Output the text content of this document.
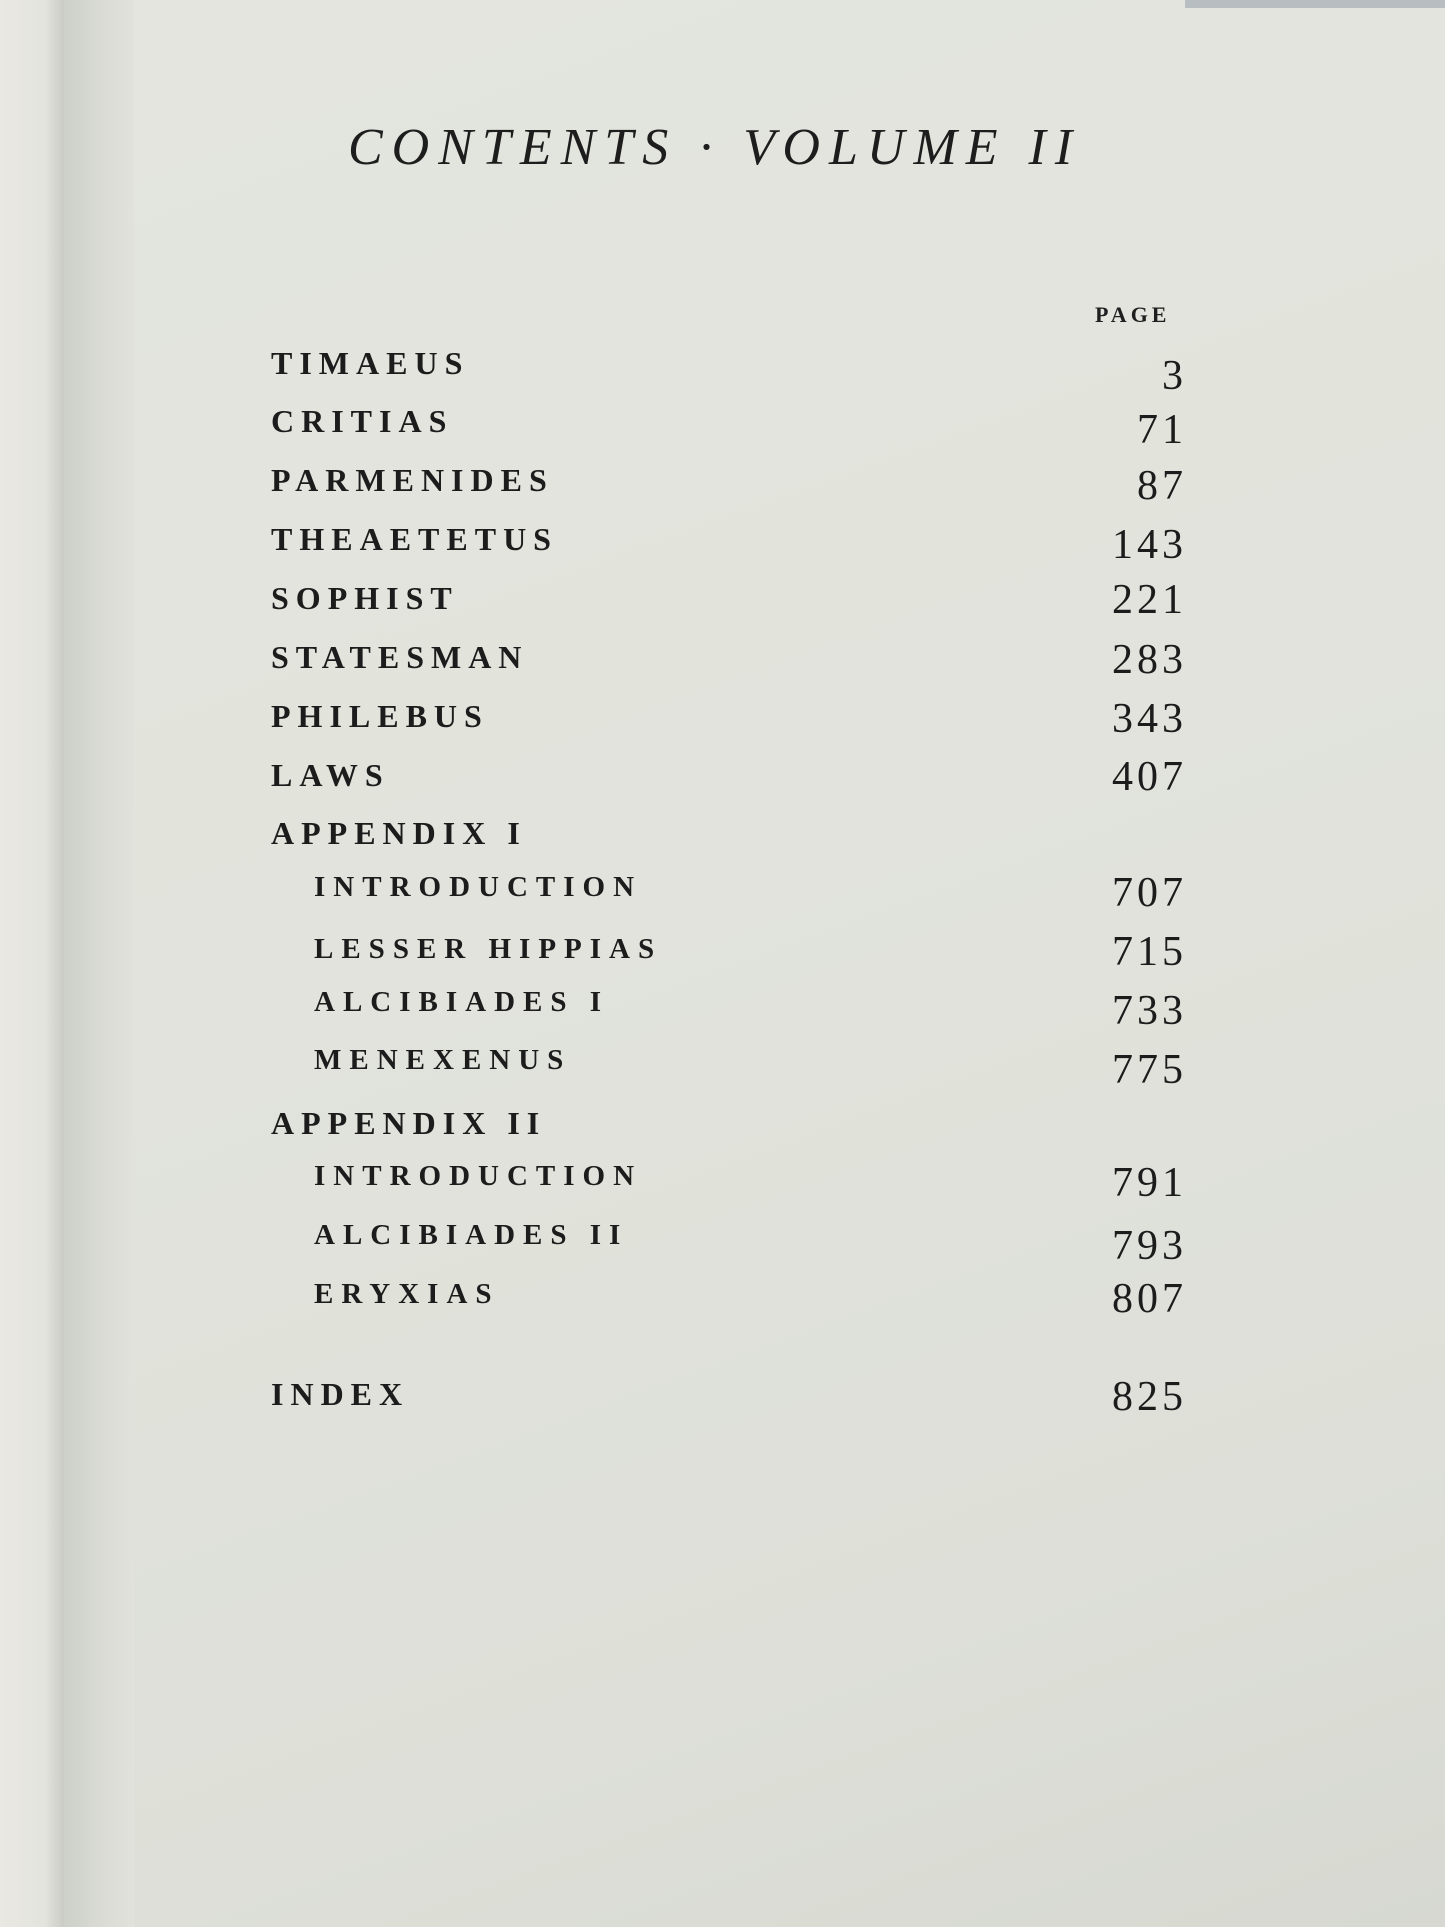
CONTENTS · VOLUME II
PAGE
TIMAEUS	3
CRITIAS	71
PARMENIDES	87
THEAETETUS	143
SOPHIST	221
STATESMAN	283
PHILEBUS	343
LAWS	407
APPENDIX I
INTRODUCTION	707
LESSER HIPPIAS	715
ALCIBIADES I	733
MENEXENUS	775
APPENDIX II
INTRODUCTION	791
ALCIBIADES II	793
ERYXIAS	807
INDEX	825
